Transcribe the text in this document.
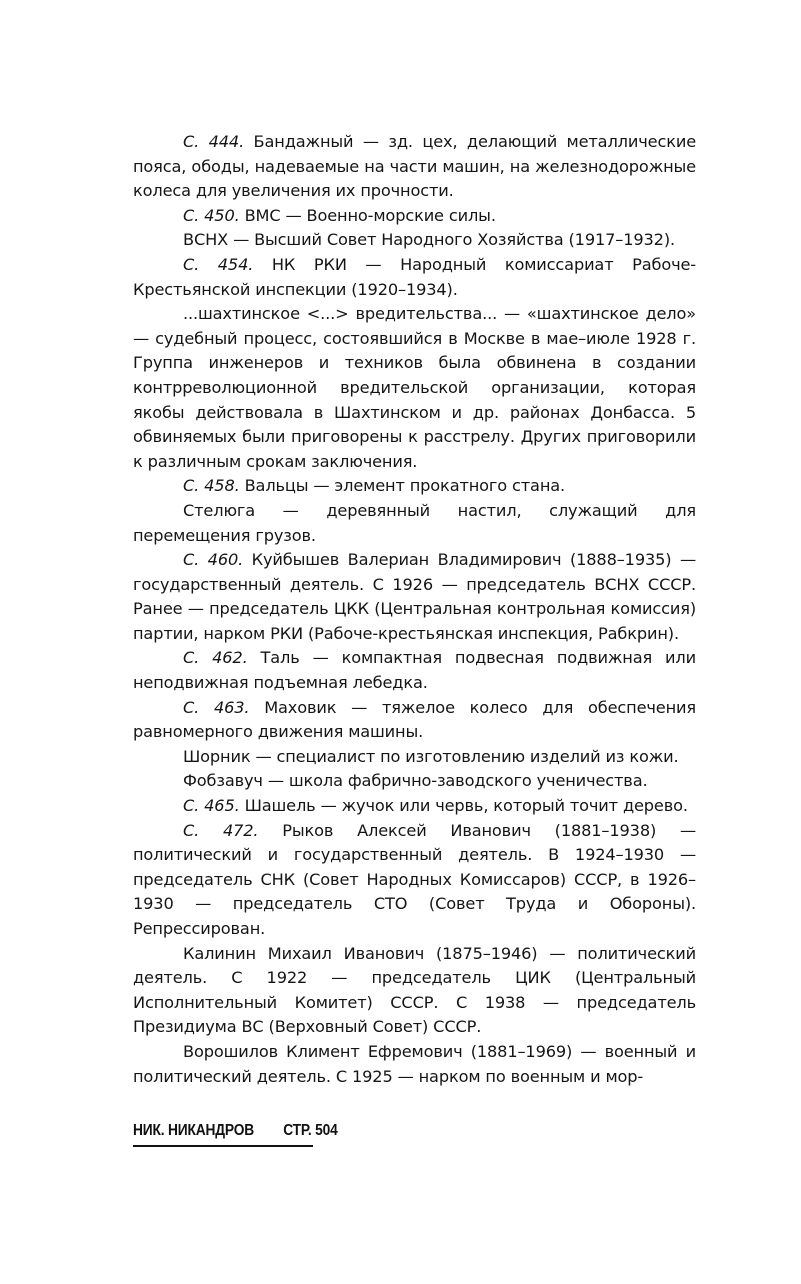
С. 444. Бандажный — зд. цех, делающий металлические пояса, ободы, надеваемые на части машин, на железнодорожные колеса для увеличения их прочности.

С. 450. ВМС — Военно-морские силы.

ВСНХ — Высший Совет Народного Хозяйства (1917–1932).

С. 454. НК РКИ — Народный комиссариат Рабоче-Крестьянской инспекции (1920–1934).

...шахтинское <...> вредительства... — «шахтинское дело» — судебный процесс, состоявшийся в Москве в мае–июле 1928 г. Группа инженеров и техников была обвинена в создании контрреволюционной вредительской организации, которая якобы действовала в Шахтинском и др. районах Донбасса. 5 обвиняемых были приговорены к расстрелу. Других приговорили к различным срокам заключения.

С. 458. Вальцы — элемент прокатного стана.

Стелюга — деревянный настил, служащий для перемещения грузов.

С. 460. Куйбышев Валериан Владимирович (1888–1935) — государственный деятель. С 1926 — председатель ВСНХ СССР. Ранее — председатель ЦКК (Центральная контрольная комиссия) партии, нарком РКИ (Рабоче-крестьянская инспекция, Рабкрин).

С. 462. Таль — компактная подвесная подвижная или неподвижная подъемная лебедка.

С. 463. Маховик — тяжелое колесо для обеспечения равномерного движения машины.

Шорник — специалист по изготовлению изделий из кожи.

Фобзавуч — школа фабрично-заводского ученичества.

С. 465. Шашель — жучок или червь, который точит дерево.

С. 472. Рыков Алексей Иванович (1881–1938) — политический и государственный деятель. В 1924–1930 — председатель СНК (Совет Народных Комиссаров) СССР, в 1926–1930 — председатель СТО (Совет Труда и Обороны). Репрессирован.

Калинин Михаил Иванович (1875–1946) — политический деятель. С 1922 — председатель ЦИК (Центральный Исполнительный Комитет) СССР. С 1938 — председатель Президиума ВС (Верховный Совет) СССР.

Ворошилов Климент Ефремович (1881–1969) — военный и политический деятель. С 1925 — нарком по военным и мор-

НИК. НИКАНДРОВ СТР. 504
